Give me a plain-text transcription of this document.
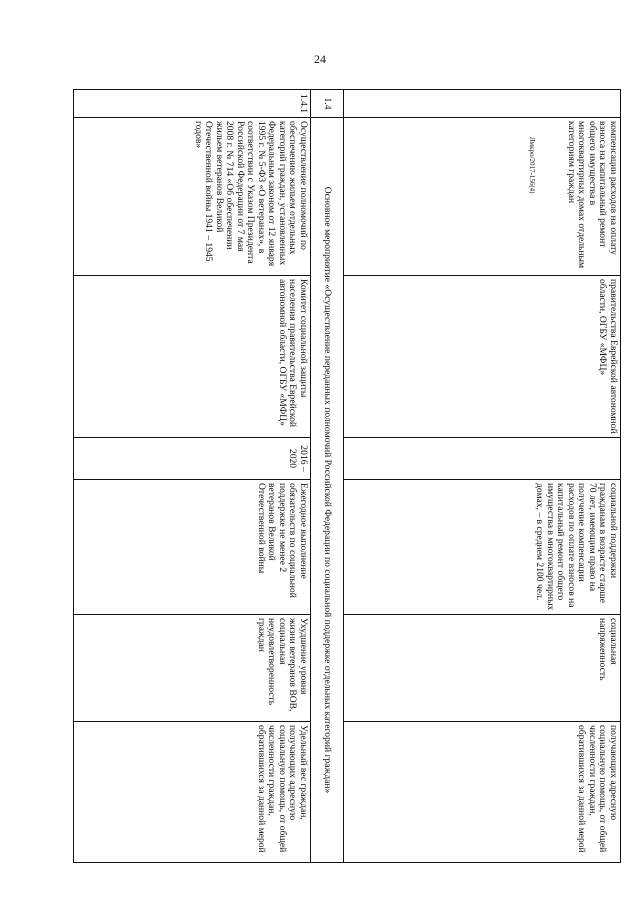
24
	компенсации расходов на оплату взноса на капитальный ремонт общего имущества в многоквартирных домах отдельным категориям граждан	правительства Еврейской автономной области, ОГБУ «МФЦ»		социальной поддержки гражданам в возрасте старше 70 лет, имеющим право на получение компенсации расходов по оплате взносов на капитальный ремонт общего имущества в многоквартирных домах, – в среднем 2100 чел.	социальная напряженность	получающих адресную социальную помощь, от общей численности граждан, обратившихся за данной мерой
1.4	Основное мероприятие «Осуществление переданных полномочий Российской Федерации по социальной поддержке отдельных категорий граждан»					
1.4.1	Осуществление полномочий по обеспечению жильем отдельных категорий граждан, установленных Федеральным законом от 12 января 1995 г. № 5-ФЗ «О ветеранах», в соответствии с Указом Президента Российской Федерации от 7 мая 2008 г. № 714 «Об обеспечении жильем ветеранов Великой Отечественной войны 1941 – 1945 годов»	Комитет социальной защиты населения правительства Еврейской автономной области, ОГБУ «МФЦ»	2016 – 2020	Ежегодное выполнение обязательств по социальной поддержке не менее 2 ветеранов Великой Отечественной войны	Ухудшение уровня жизни ветеранов ВОВ, социальная неудовлетворенность граждан	Удельный вес граждан, получающих адресную социальную помощь, от общей численности граждан, обратившихся за данной мерой
Лмкро/2017-156(4)
